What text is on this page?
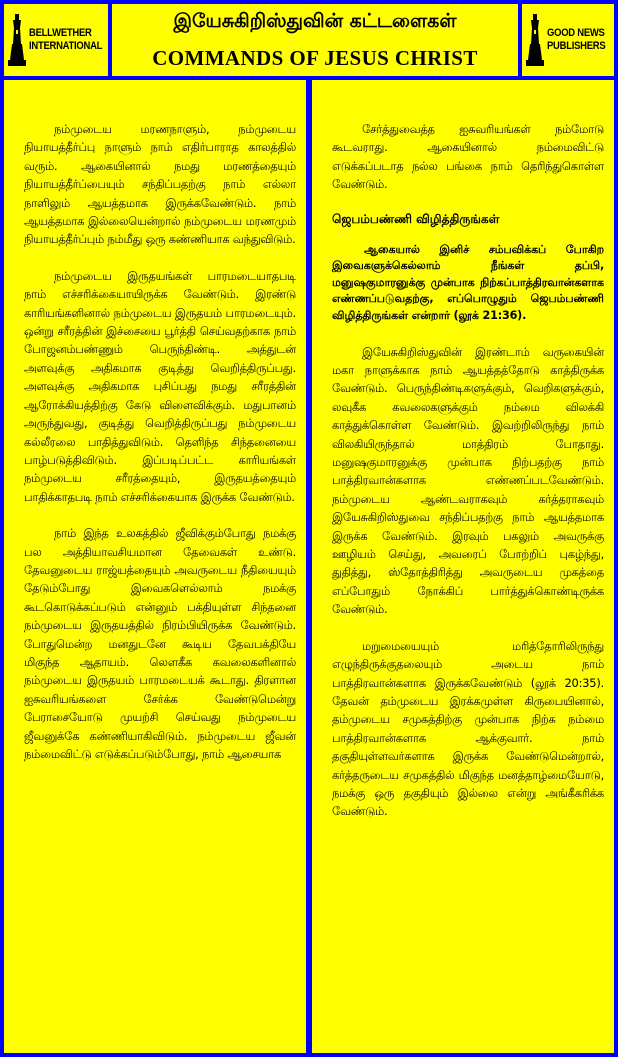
BELLWETHER
INTERNATIONAL
இயேசுகிறிஸ்துவின் கட்டளைகள்
COMMANDS OF JESUS CHRIST
GOOD NEWS
PUBLISHERS

நம்முடைய மரணநாளும், நம்முடைய நியாயத்தீர்ப்பு நாளும் நாம் எதிர்பாராத காலத்தில் வரும். ஆகையினால் நமது மரணத்தையும் நியாயத்தீர்ப்பையும் சந்திப்பதற்கு நாம் எல்லா நாளிலும் ஆயத்தமாக இருக்கவேண்டும். நாம் ஆயத்தமாக இல்லையென்றால் நம்முடைய மரணமும் நியாயத்தீர்ப்பும் நம்மீது ஒரு கண்ணியாக வந்துவிடும்.

நம்முடைய இருதயங்கள் பாரமடையாதபடி நாம் எச்சரிக்கையாயிருக்க வேண்டும். இரண்டு காரியங்களினால் நம்முடைய இருதயம் பாரமடையும். ஒன்று சரீரத்தின் இச்சையை பூர்த்தி செய்வதற்காக நாம் போஜனம்பண்ணும் பெருந்திண்டி. அத்துடன் அளவுக்கு அதிகமாக குடித்து வெறித்திருப்பது. அளவுக்கு அதிகமாக புசிப்பது நமது சரீரத்தின் ஆரோக்கியத்திற்கு கேடு விளைவிக்கும். மதுபானம் அருந்துவது, குடித்து வெறித்திருப்பது நம்முடைய கல்லீரலை பாதித்துவிடும். தெளிந்த சிந்தனையை பாழ்படுத்திவிடும். இப்படிப்பட்ட காரியங்கள் நம்முடைய சரீரத்தையும், இருதயத்தையும் பாதிக்காதபடி நாம் எச்சரிக்கையாக இருக்க வேண்டும்.

நாம் இந்த உலகத்தில் ஜீவிக்கும்போது நமக்கு பல அத்தியாவசியமான தேவைகள் உண்டு. தேவனுடைய ராஜ்யத்தையும் அவருடைய நீதியையும் தேடும்போது இவைகளெல்லாம் நமக்கு கூடகொடுக்கப்படும் என்னும் பக்தியுள்ள சிந்தனை நம்முடைய இருதயத்தில் நிரம்பியிருக்க வேண்டும். போதுமென்ற மனதுடனே கூடிய தேவபக்தியே மிகுந்த ஆதாயம். லௌகீக கவலைகளினால் நம்முடைய இருதயம் பாரமடையக் கூடாது. திரளான ஐசுவரியங்களை சேர்க்க வேண்டுமென்று பேராசையோடு முயற்சி செய்வது நம்முடைய ஜீவனுக்கே கண்ணியாகிவிடும். நம்முடைய ஜீவன் நம்மைவிட்டு எடுக்கப்படும்போது, நாம் ஆசையாக

சேர்த்துவைத்த ஐசுவரியங்கள் நம்மோடு கூடவராது. ஆகையினால் நம்மைவிட்டு எடுக்கப்படாத நல்ல பங்கை நாம் தெரிந்துகொள்ள வேண்டும்.

ஜெபம்பண்ணி விழித்திருங்கள்

ஆகையால் இனிச் சம்பவிக்கப் போகிற இவைகளுக்கெல்லாம் நீங்கள் தப்பி, மனுஷகுமாரனுக்கு முன்பாக நிற்கப்பாத்திரவான்களாக எண்ணப்படுவதற்கு, எப்பொழுதும் ஜெபம்பண்ணி விழித்திருங்கள் என்றார் (லூக் 21:36).

இயேசுகிறிஸ்துவின் இரண்டாம் வருகையின் மகா நாளுக்காக நாம் ஆயத்தத்தோடு காத்திருக்க வேண்டும். பெருந்திண்டிகளுக்கும், வெறிகளுக்கும், லவுகீக கவலைகளுக்கும் நம்மை விலக்கி காத்துக்கொள்ள வேண்டும். இவற்றிலிருந்து நாம் விலகியிருந்தால் மாத்திரம் போதாது. மனுஷகுமாரனுக்கு முன்பாக நிற்பதற்கு நாம் பாத்திரவான்களாக எண்ணப்படவேண்டும். நம்முடைய ஆண்டவராகவும் கர்த்தராகவும் இயேசுகிறிஸ்துவை சந்திப்பதற்கு நாம் ஆயத்தமாக இருக்க வேண்டும். இரவும் பகலும் அவருக்கு ஊழியம் செய்து, அவரைப் போற்றிப் புகழ்ந்து, துதித்து, ஸ்தோத்திரித்து அவருடைய முகத்தை எப்போதும் நோக்கிப் பார்த்துக்கொண்டிருக்க வேண்டும்.

மறுமையையும் மரித்தோரிலிருந்து எழுந்திருக்குதலையும் அடைய நாம் பாத்திரவான்களாக இருக்கவேண்டும் (லூக் 20:35). தேவன் தம்முடைய இரக்கமுள்ள கிருபையினால், தம்முடைய சமுகத்திற்கு முன்பாக நிற்க நம்மை பாத்திரவான்களாக ஆக்குவார். நாம் தகுதியுள்ளவர்களாக இருக்க வேண்டுமென்றால், கர்த்தருடைய சமுகத்தில் மிகுந்த மனத்தாழ்மையோடு, நமக்கு ஒரு தகுதியும் இல்லை என்று அங்கீகரிக்க வேண்டும்.
